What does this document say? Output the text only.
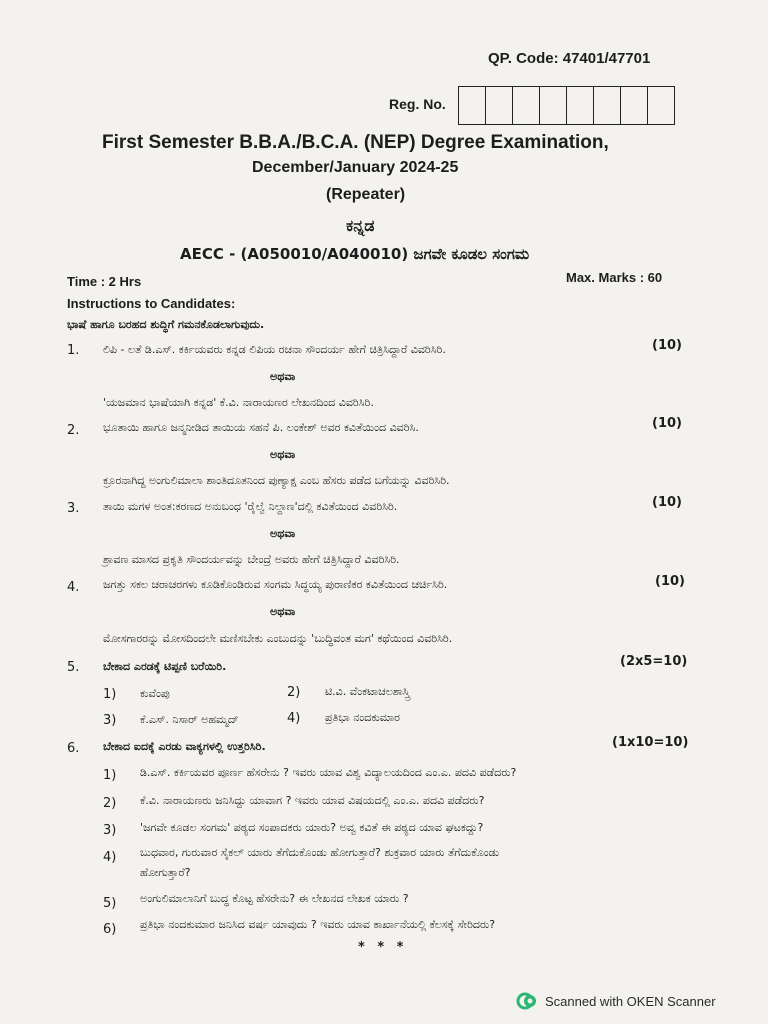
QP. Code: 47401/47701
Reg. No.
First Semester B.B.A./B.C.A. (NEP) Degree Examination,
December/January 2024-25
(Repeater)
ಕನ್ನಡ
AECC - (A050010/A040010) ಜಗವೇ ಕೂಡಲ ಸಂಗಮ
Time : 2 Hrs	Max. Marks : 60
Instructions to Candidates:
ಭಾಷೆ ಹಾಗೂ ಬರಹದ ಶುದ್ಧಿಗೆ ಗಮನಕೊಡಲಾಗುವುದು.
1. ಲಿಪಿ - ಲತೆ ಡಿ.ಎಸ್. ಕರ್ಕಿಯವರು ಕನ್ನಡ ಲಿಪಿಯ ರಚನಾ ಸೌಂದರ್ಯ ಹೇಗೆ ಚಿತ್ರಿಸಿದ್ದಾರೆ ವಿವರಿಸಿರಿ.	(10)
ಅಥವಾ
'ಯಜಮಾನ ಭಾಷೆಯಾಗಿ ಕನ್ನಡ' ಕೆ.ವಿ. ನಾರಾಯಣರ ಲೇಖನದಿಂದ ವಿವರಿಸಿರಿ.
2. ಭೂತಾಯಿ ಹಾಗೂ ಜನ್ಮನೀಡಿದ ತಾಯಿಯ ಸಹನೆ ಪಿ. ಲಂಕೇಶ್ ಅವರ ಕವಿತೆಯಿಂದ ವಿವರಿಸಿ.	(10)
ಅಥವಾ
ಕ್ರೂರನಾಗಿದ್ದ ಅಂಗುಲಿಮಾಲಾ ಶಾಂತಿದೂತನಿಂದ ಪುಣ್ಯಾಕ್ಷ ಎಂಬ ಹೆಸರು ಪಡೆದ ಬಗೆಯನ್ನು ವಿವರಿಸಿರಿ.
3. ತಾಯಿ ಮಗಳ ಅಂತ:ಕರಣದ ಅನುಬಂಧ 'ರೈಲ್ವೆ ನಿಲ್ದಾಣ'ದಲ್ಲಿ ಕವಿತೆಯಿಂದ ವಿವರಿಸಿರಿ.	(10)
ಅಥವಾ
ಶ್ರಾವಣ ಮಾಸದ ಪ್ರಕೃತಿ ಸೌಂದರ್ಯವನ್ನು ಬೇಂದ್ರೆ ಅವರು ಹೇಗೆ ಚಿತ್ರಿಸಿದ್ದಾರೆ ವಿವರಿಸಿರಿ.
4. ಜಗತ್ತು ಸಕಲ ಚರಾಚರಗಳು ಕೂಡಿಕೊಂಡಿರುವ ಸಂಗಮ ಸಿದ್ಧಯ್ಯ ಪುರಾಣಿಕರ ಕವಿತೆಯಿಂದ ಚರ್ಚಿಸಿರಿ.	(10)
ಅಥವಾ
ಮೋಸಗಾರರನ್ನು ಮೋಸದಿಂದಲೇ ಮಣಿಸಬೇಕು ಎಂಬುದನ್ನು 'ಬುದ್ಧಿವಂತ ಮಗ' ಕಥೆಯಿಂದ ವಿವರಿಸಿರಿ.
5. ಬೇಕಾದ ಎರಡಕ್ಕೆ ಟಿಪ್ಪಣಿ ಬರೆಯಿರಿ.	(2x5=10)
1) ಕುವೆಂಪು	2) ಟಿ.ವಿ. ವೆಂಕಟಾಚಲಶಾಸ್ತ್ರಿ
3) ಕೆ.ಎಸ್. ನಿಸಾರ್ ಅಹಮ್ಮದ್	4) ಪ್ರತಿಭಾ ನಂದಕುಮಾರ
6. ಬೇಕಾದ ಐದಕ್ಕೆ ಎರಡು ವಾಕ್ಯಗಳಲ್ಲಿ ಉತ್ತರಿಸಿರಿ.	(1x10=10)
1) ಡಿ.ಎಸ್. ಕರ್ಕಿಯವರ ಪೂರ್ಣ ಹೆಸರೇನು ? ಇವರು ಯಾವ ವಿಶ್ವ ವಿದ್ಯಾಲಯದಿಂದ ಎಂ.ಎ. ಪದವಿ ಪಡೆದರು?
2) ಕೆ.ವಿ. ನಾರಾಯಣರು ಜನಿಸಿದ್ದು ಯಾವಾಗ ? ಇವರು ಯಾವ ವಿಷಯದಲ್ಲಿ ಎಂ.ಎ. ಪದವಿ ಪಡೆದರು?
3) 'ಜಗವೇ ಕೂಡಲ ಸಂಗಮ' ಪಠ್ಯದ ಸಂಪಾದಕರು ಯಾರು? ಅವ್ವ ಕವಿತೆ ಈ ಪಠ್ಯದ ಯಾವ ಘಟಕದ್ದು?
4) ಬುಧವಾರ, ಗುರುವಾರ ಸೈಕಲ್ ಯಾರು ತೆಗೆದುಕೊಂಡು ಹೋಗುತ್ತಾರೆ? ಶುಕ್ರವಾರ ಯಾರು ತೆಗೆದುಕೊಂಡು
ಹೋಗುತ್ತಾರೆ?
5) ಅಂಗುಲಿಮಾಲಾನಿಗೆ ಬುದ್ಧ ಕೊಟ್ಟ ಹೆಸರೇನು? ಈ ಲೇಖನದ ಲೇಖಕ ಯಾರು ?
6) ಪ್ರತಿಭಾ ನಂದಕುಮಾರ ಜನಿಸಿದ ವರ್ಷ ಯಾವುದು ? ಇವರು ಯಾವ ಕಾರ್ಖಾನೆಯಲ್ಲಿ ಕೆಲಸಕ್ಕೆ ಸೇರಿದರು?
* * *
Scanned with OKEN Scanner
